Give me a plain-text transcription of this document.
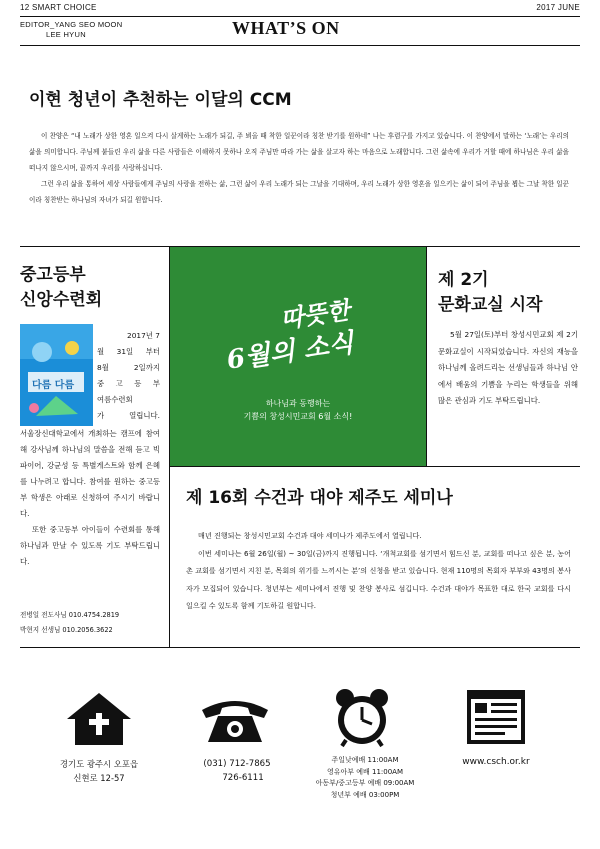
12 SMART CHOICE	2017 JUNE
EDITOR_YANG SEO MOON
LEE HYUN	WHAT’S ON
이현 청년이 추천하는 이달의 CCM

이 찬양은 “내 노래가 상한 영혼 일으켜 다시 살게하는 노래가 되길, 주 뵈올 때 착한 일꾼이라 칭찬 받기를 원하네” 나는 후렴구를 가지고 있습니다. 이 찬양에서 말하는 ‘노래’는 우리의 삶을 의미합니다. 주님께 붙들린 우리 삶을 다른 사람들은 이해하지 못하나 오직 주님만 따라 가는 삶을 살고자 하는 마음으로 노래합니다. 그런 삶속에 우리가 거할 때에 하나님은 우리 삶을 떠나지 않으시며, 끝까지 우리를 사랑하십니다.

그런 우리 삶을 통하여 세상 사람들에게 주님의 사랑을 전하는 삶, 그런 삶이 우리 노래가 되는 그날을 기대하며, 우리 노래가 상한 영혼을 일으키는 삶이 되어 주님을 뵙는 그날 착한 일꾼이라 칭찬받는 하나님의 자녀가 되길 원합니다.

중고등부
신앙수련회
다름 다름

2017년 7

월 31일 부터

8월 2일까지

중 고 등 부

여름수련회

가 열립니다.

서울장신대학교에서 개최하는 캠프에 참여해 강사님께 하나님의 말씀을 전해 듣고 빅파이어, 강균성 등 특별게스트와 함께 은혜를 나누려고 합니다. 참여를 원하는 중고등부 학생은 아래로 신청하여 주시기 바랍니다.

또한 중고등부 아이들이 수련회를 통해 하나님과 만날 수 있도록 기도 부탁드립니다.

전병일 전도사님 010.4754.2819
박현지 선생님 010.2056.3622
따뜻한
6월의 소식
하나님과 동행하는
기쁨의 창성시민교회 6월 소식!
제 2기
문화교실 시작
5월 27일(토)부터 창성시민교회 제 2기 문화교실이 시작되었습니다. 자신의 재능을 하나님께 올려드리는 선생님들과 하나님 안에서 배움의 기쁨을 누리는 학생들을 위해 많은 관심과 기도 부탁드립니다.
제 16회 수건과 대야 제주도 세미나

매년 진행되는 창성시민교회 수건과 대야 세미나가 제주도에서 열립니다.

이번 세미나는 6월 26일(월) ~ 30일(금)까지 진행됩니다. ‘개척교회를 섬기면서 힘드신 분, 교회를 떠나고 싶은 분, 농어촌 교회를 섬기면서 지친 분, 목회의 위기를 느끼시는 분’의 신청을 받고 있습니다. 현재 110명의 목회자 부부와 43명의 봉사자가 모집되어 있습니다. 청년부는 세미나에서 진행 및 찬양 봉사로 섬깁니다. 수건과 대야가 목표한 대로 한국 교회를 다시 일으킬 수 있도록 함께 기도하길 원합니다.

경기도 광주시 오포읍
신현로 12-57
(031) 712-7865
726-6111
주일낮예배 11:00AM
영유아부 예배 11:00AM
아동부/중고등부 예배 09:00AM
청년부 예배 03:00PM
www.csch.or.kr
